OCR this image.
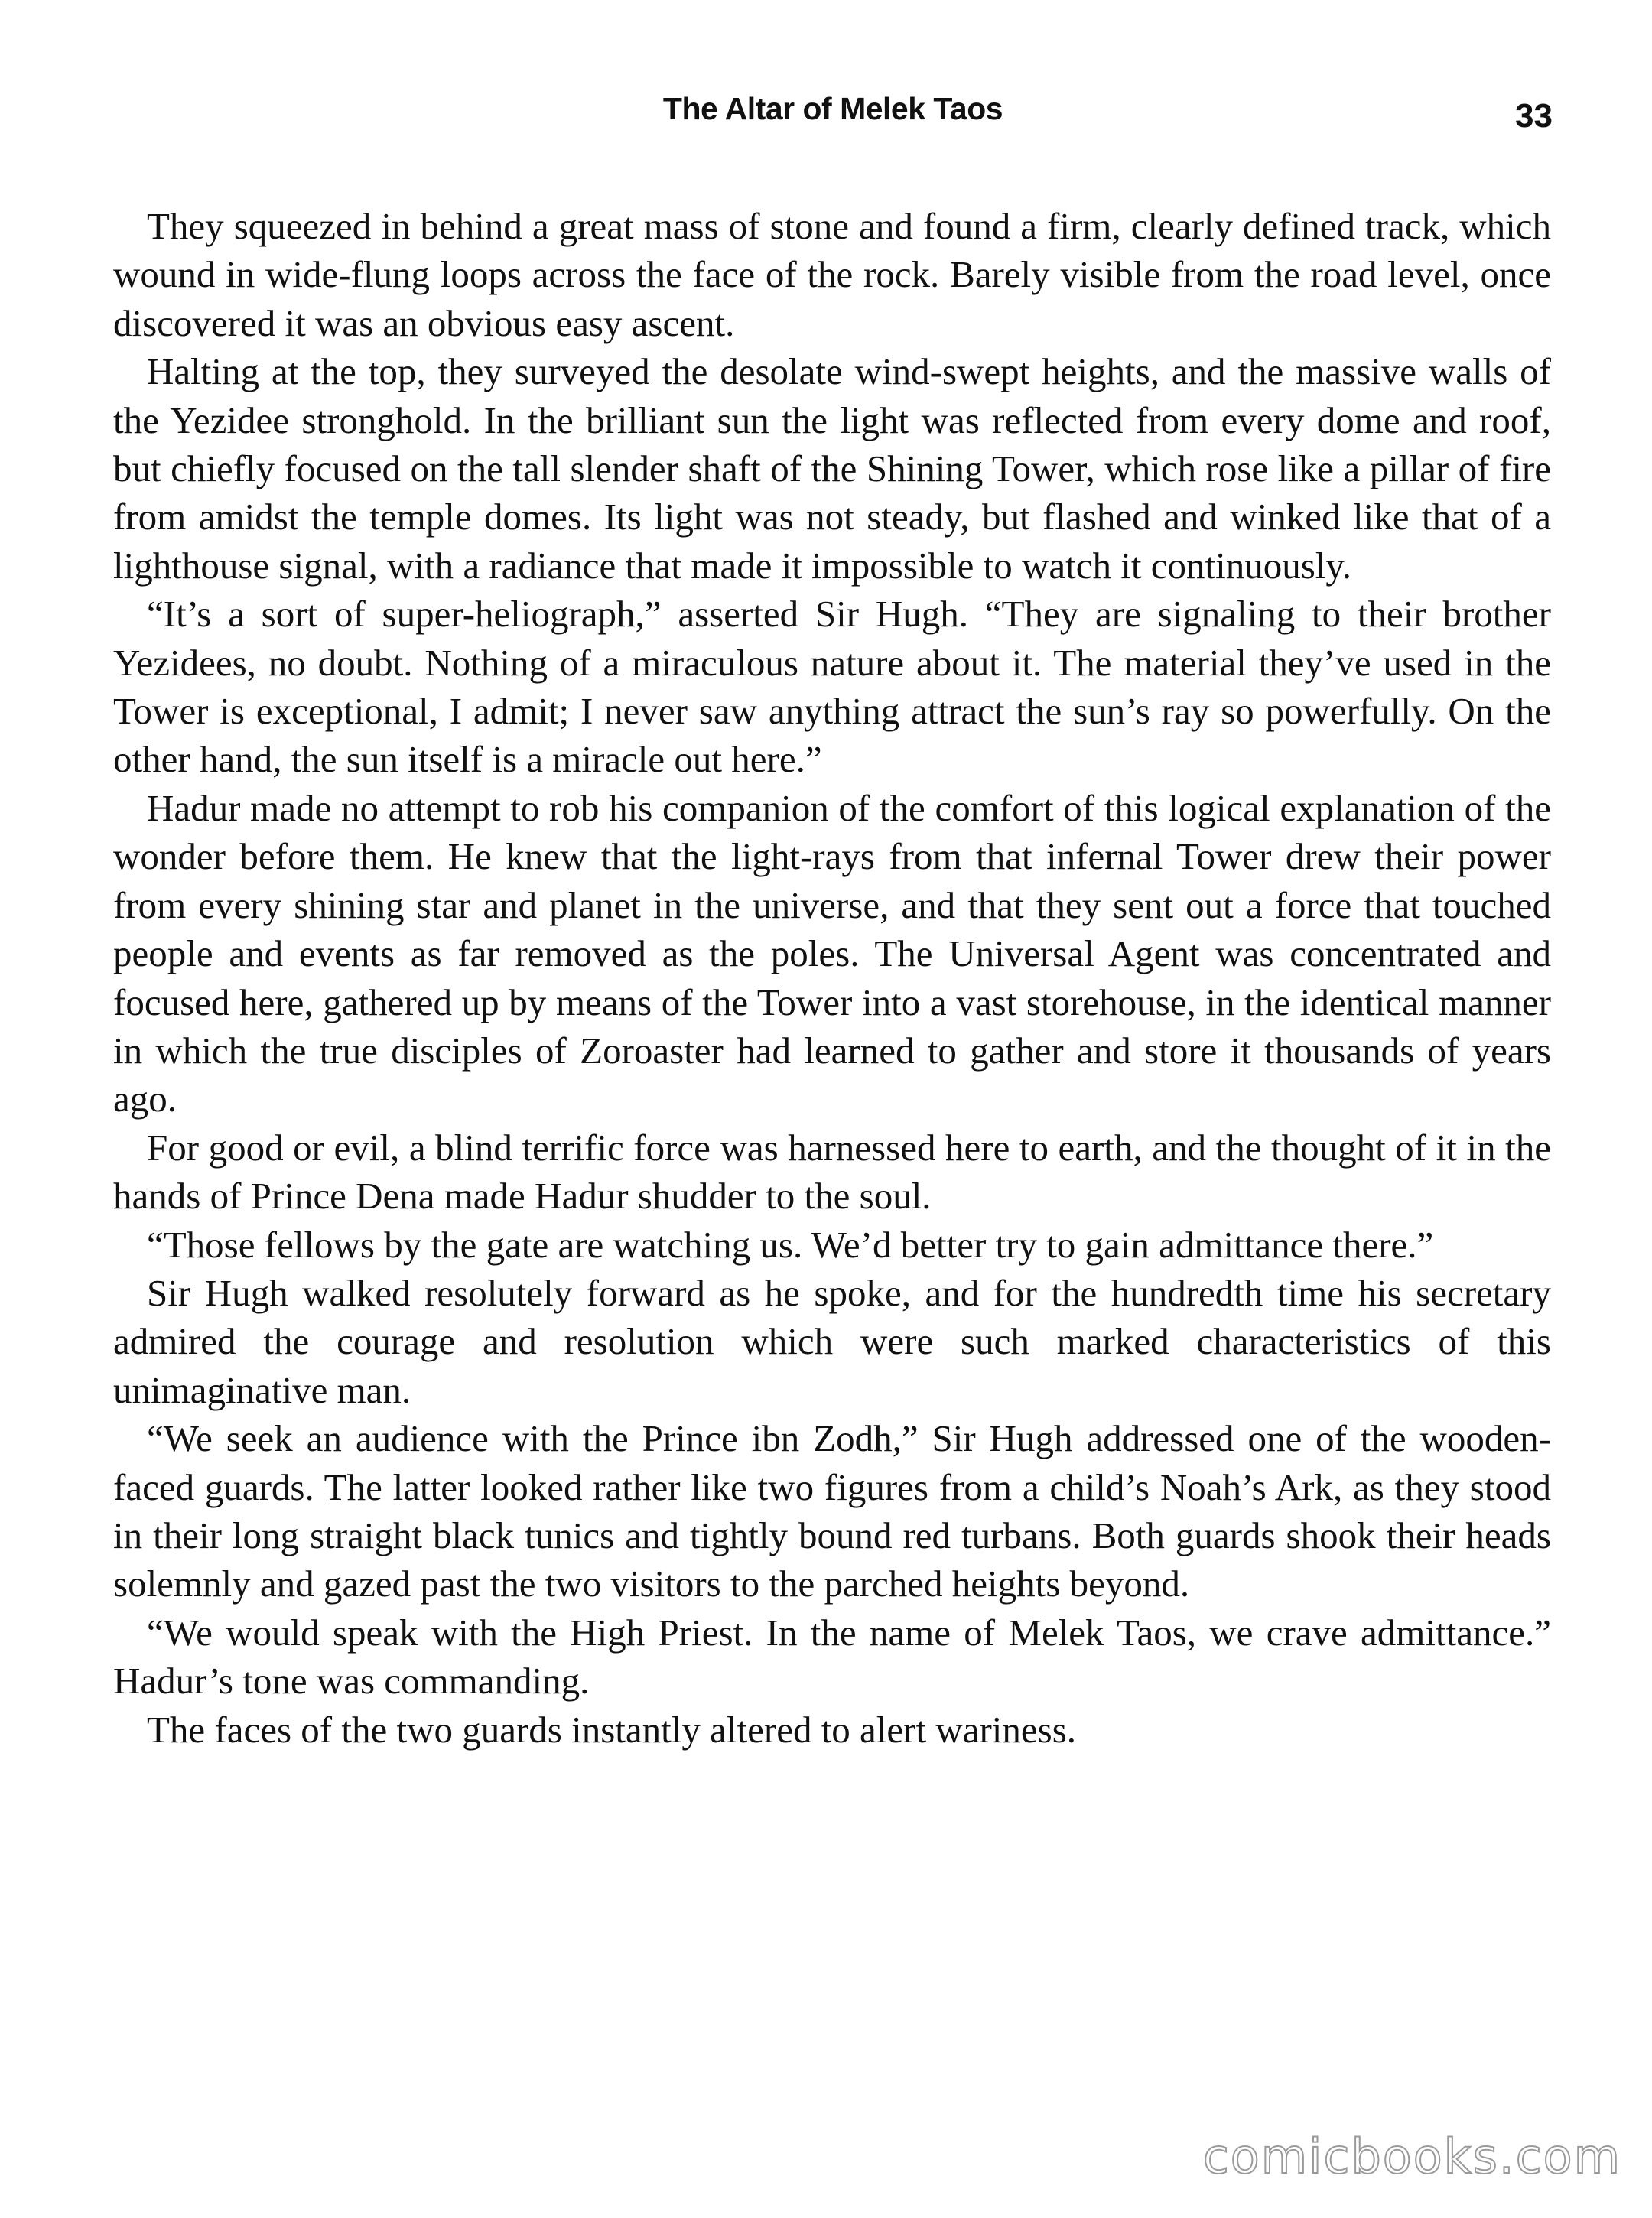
The Altar of Melek Taos	33

They squeezed in behind a great mass of stone and found a firm, clearly defined track, which wound in wide-flung loops across the face of the rock. Barely visible from the road level, once discovered it was an obvious easy ascent.

Halting at the top, they surveyed the desolate wind-swept heights, and the massive walls of the Yezidee stronghold. In the brilliant sun the light was reflected from every dome and roof, but chiefly focused on the tall slender shaft of the Shining Tower, which rose like a pillar of fire from amidst the temple domes. Its light was not steady, but flashed and winked like that of a lighthouse signal, with a radiance that made it impossible to watch it continuously.

“It’s a sort of super-heliograph,” asserted Sir Hugh. “They are signaling to their brother Yezidees, no doubt. Nothing of a miraculous nature about it. The material they’ve used in the Tower is exceptional, I admit; I never saw anything attract the sun’s ray so powerfully. On the other hand, the sun itself is a miracle out here.”

Hadur made no attempt to rob his companion of the comfort of this logical explanation of the wonder before them. He knew that the light-rays from that infernal Tower drew their power from every shining star and planet in the universe, and that they sent out a force that touched people and events as far removed as the poles. The Universal Agent was concentrated and focused here, gathered up by means of the Tower into a vast storehouse, in the identical manner in which the true disciples of Zoroaster had learned to gather and store it thousands of years ago.

For good or evil, a blind terrific force was harnessed here to earth, and the thought of it in the hands of Prince Dena made Hadur shudder to the soul.

“Those fellows by the gate are watching us. We’d better try to gain admittance there.”

Sir Hugh walked resolutely forward as he spoke, and for the hundredth time his secretary admired the courage and resolution which were such marked characteristics of this unimaginative man.

“We seek an audience with the Prince ibn Zodh,” Sir Hugh addressed one of the wooden-faced guards. The latter looked rather like two figures from a child’s Noah’s Ark, as they stood in their long straight black tunics and tightly bound red turbans. Both guards shook their heads solemnly and gazed past the two visitors to the parched heights beyond.

“We would speak with the High Priest. In the name of Melek Taos, we crave admittance.” Hadur’s tone was commanding.

The faces of the two guards instantly altered to alert wariness.

comicbooks.com
